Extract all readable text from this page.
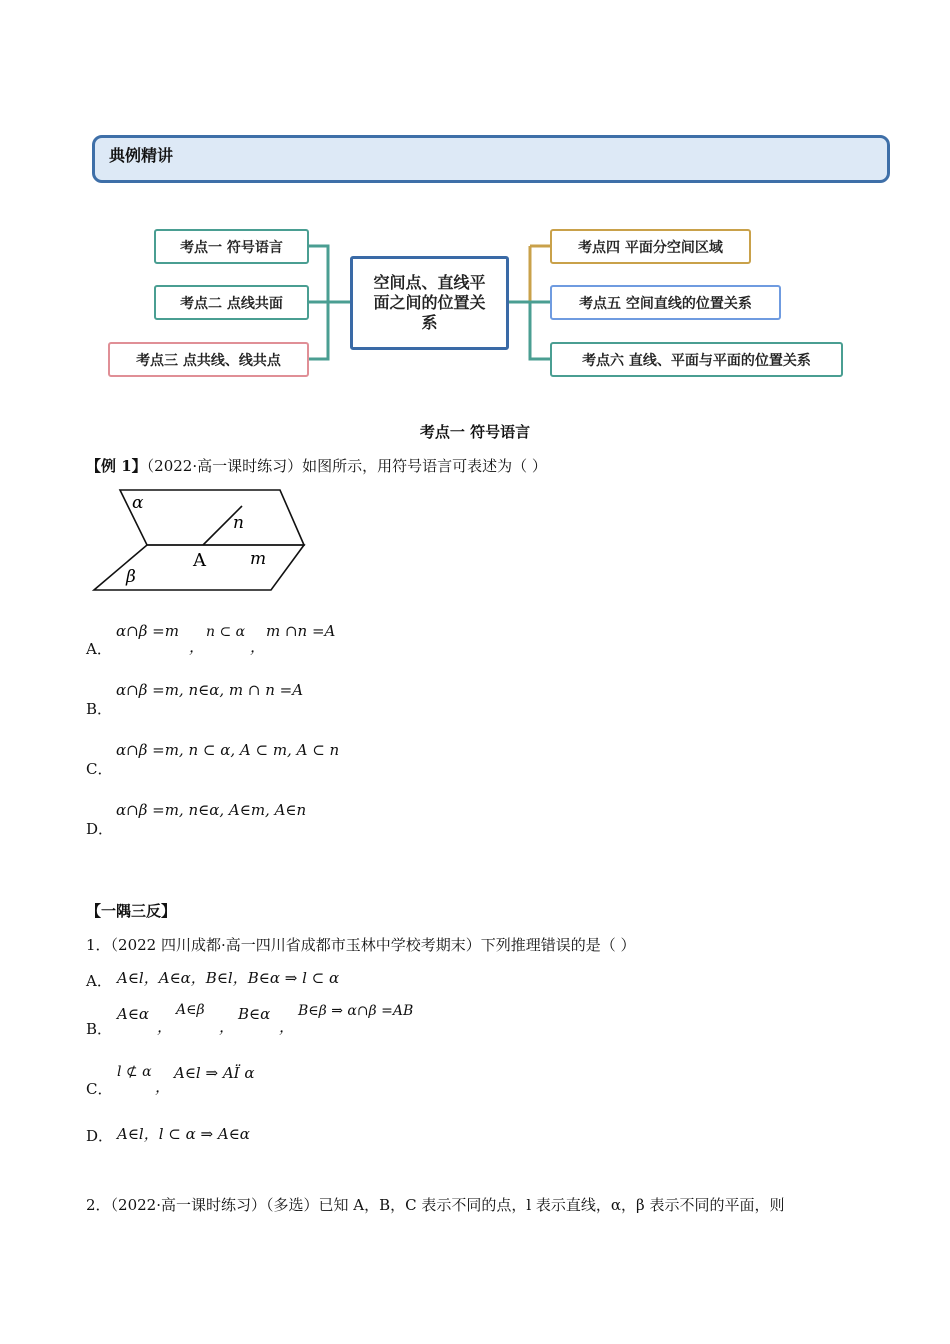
典例精讲
考点一 符号语言
考点二 点线共面
考点三 点共线、线共点
空间点、直线平面之间的位置关系
考点四 平面分空间区域
考点五 空间直线的位置关系
考点六 直线、平面与平面的位置关系
考点一 符号语言
【例 1】（2022·高一课时练习）如图所示，用符号语言可表述为（ ）
α
β
A	m
n
A．
α∩β =m
，
n ⊂ α
，
m ∩n =A
B．
α∩β =m, n∈α, m ∩ n =A
C．
α∩β =m, n ⊂ α, A ⊂ m, A ⊂ n
D．
α∩β =m, n∈α, A∈m, A∈n
【一隅三反】
1．（2022 四川成都·高一四川省成都市玉林中学校考期末）下列推理错误的是（ ）
A． A∈l，A∈α，B∈l，B∈α ⇒ l ⊂ α
B．
A∈α
，
A∈β
，
B∈α
，
B∈β ⇒ α∩β =AB
C．
l ⊄ α
，
A∈l ⇒ AÏ α
D． A∈l，l ⊂ α ⇒ A∈α
2．（2022·高一课时练习）（多选）已知 A，B，C 表示不同的点，l 表示直线，α，β 表示不同的平面，则
